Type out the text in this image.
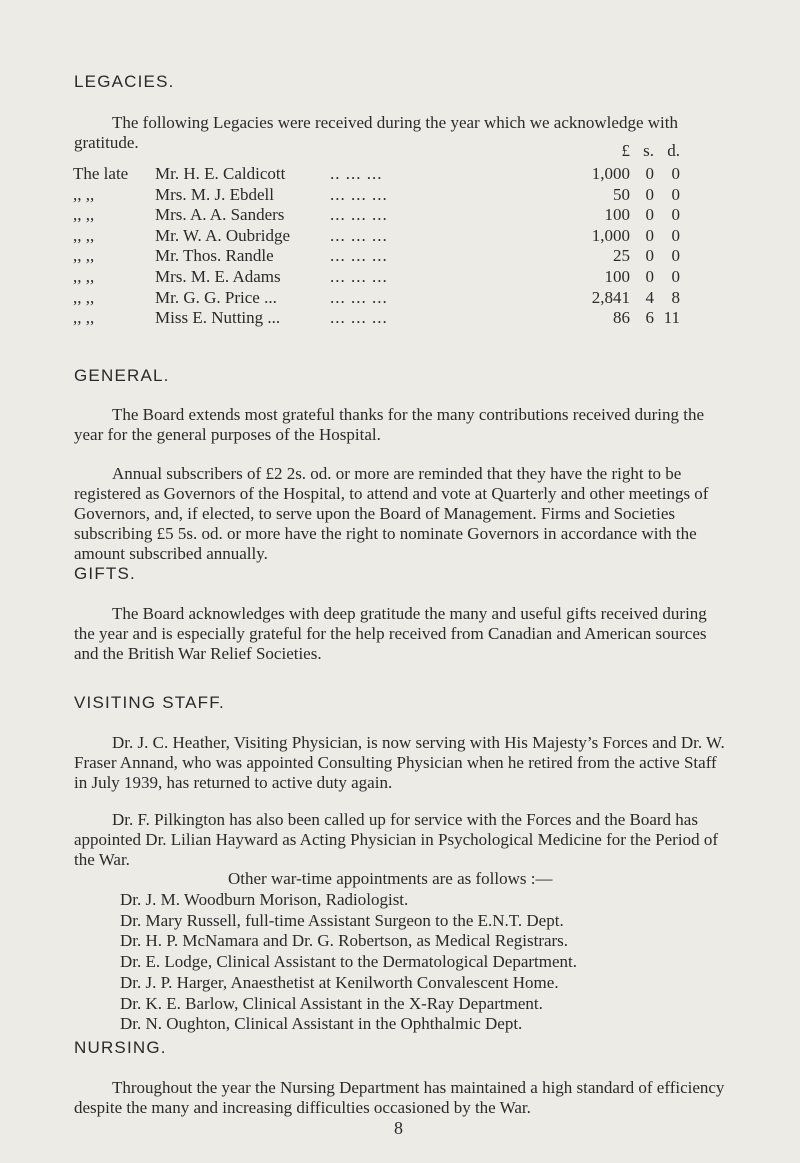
LEGACIES.

The following Legacies were received during the year which we acknowledge with gratitude.	£ s. d.
The late	Mr. H. E. Caldicott	.. ... ...	1,000 0	0
,, ,,	Mrs. M. J. Ebdell	... ... ...	50 0	0
,, ,,	Mrs. A. A. Sanders	... ... ...	100 0	0
,, ,,	Mr. W. A. Oubridge ... ... ...	1,000 0	0
,, ,,	Mr. Thos. Randle	... ... ...	25 0	0
,, ,,	Mrs. M. E. Adams	... ... ...	100 0	0
,, ,,	Mr. G. G. Price ...	... ... ...	2,841 4	8
,, ,,	Miss E. Nutting ...	... ... ...	86 6 11
GENERAL.

The Board extends most grateful thanks for the many contributions received during the year for the general purposes of the Hospital.

Annual subscribers of £2 2s. od. or more are reminded that they have the right to be registered as Governors of the Hospital, to attend and vote at Quarterly and other meetings of Governors, and, if elected, to serve upon the Board of Management. Firms and Societies subscribing £5 5s. od. or more have the right to nominate Governors in accordance with the amount subscribed annually.

GIFTS.

The Board acknowledges with deep gratitude the many and useful gifts received during the year and is especially grateful for the help received from Canadian and American sources and the British War Relief Societies.

VISITING STAFF.

Dr. J. C. Heather, Visiting Physician, is now serving with His Majesty’s Forces and Dr. W. Fraser Annand, who was appointed Consulting Physician when he retired from the active Staff in July 1939, has returned to active duty again.

Dr. F. Pilkington has also been called up for service with the Forces and the Board has appointed Dr. Lilian Hayward as Acting Physician in Psychological Medicine for the Period of the War.

Other war-time appointments are as follows :—
Dr. J. M. Woodburn Morison, Radiologist.
Dr. Mary Russell, full-time Assistant Surgeon to the E.N.T. Dept.
Dr. H. P. McNamara and Dr. G. Robertson, as Medical Registrars.
Dr. E. Lodge, Clinical Assistant to the Dermatological Department.
Dr. J. P. Harger, Anaesthetist at Kenilworth Convalescent Home.
Dr. K. E. Barlow, Clinical Assistant in the X-Ray Department.
Dr. N. Oughton, Clinical Assistant in the Ophthalmic Dept.
NURSING.

Throughout the year the Nursing Department has maintained a high standard of efficiency despite the many and increasing difficulties occasioned by the War.

8
